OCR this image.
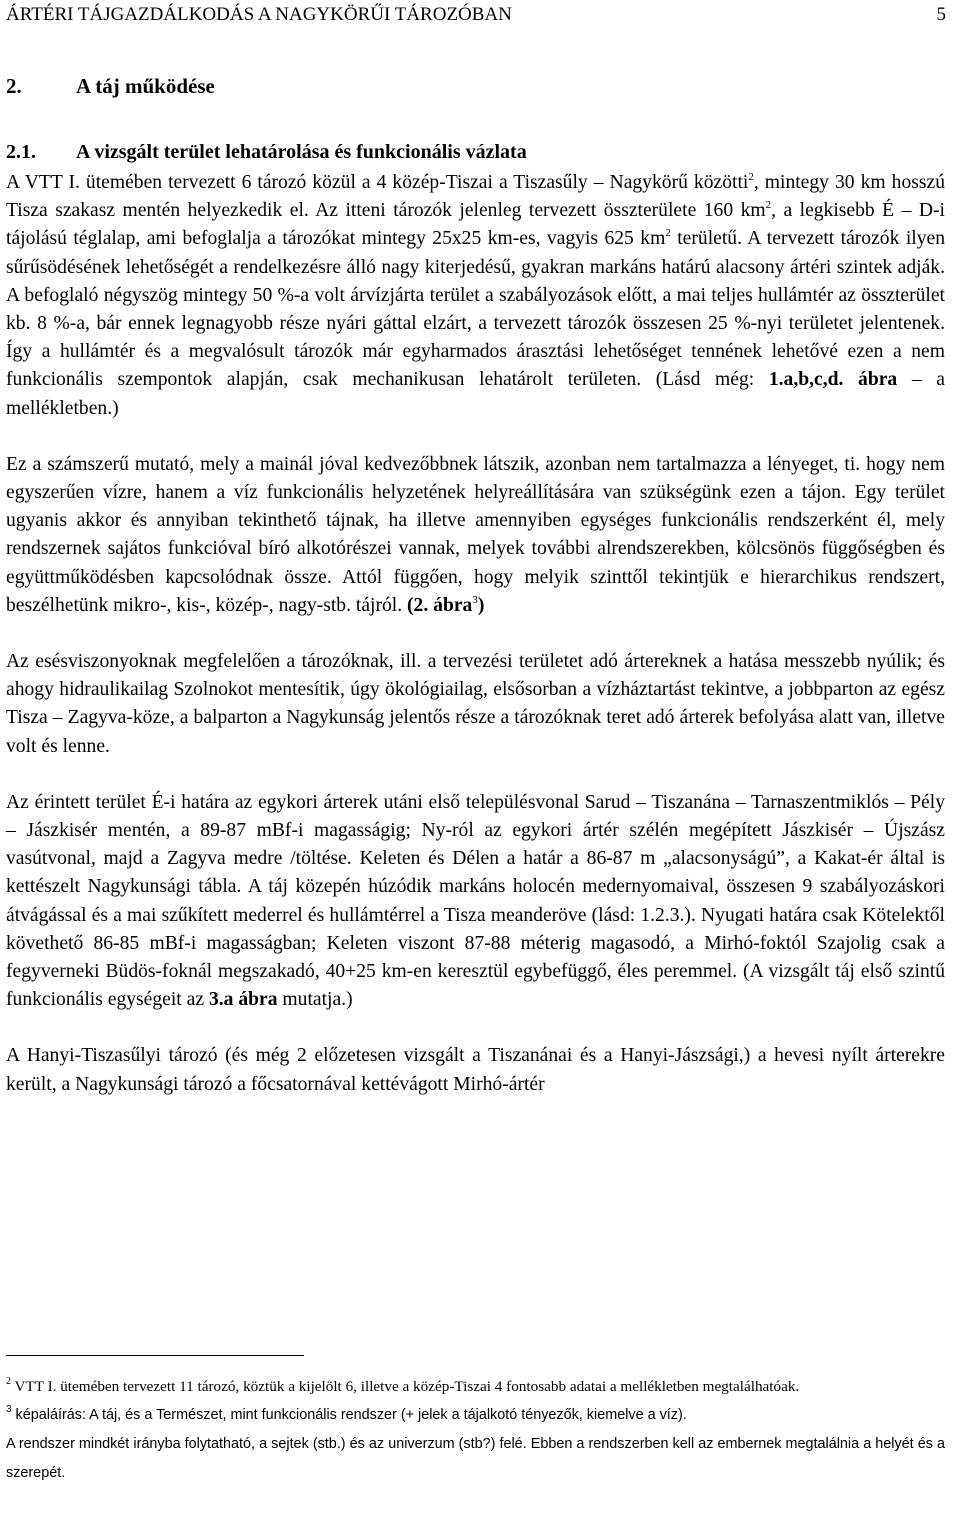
ÁRTÉRI TÁJGAZDÁLKODÁS A NAGYKÖRŰI TÁROZÓBAN	5
2.	A táj működése
2.1. A vizsgált terület lehatárolása és funkcionális vázlata

A VTT I. ütemében tervezett 6 tározó közül a 4 közép-Tiszai a Tiszasűly – Nagykörű közötti$^2$, mintegy 30 km hosszú Tisza szakasz mentén helyezkedik el. Az itteni tározók jelenleg tervezett összterülete 160 $km^2$, a legkisebb É – D-i tájolású téglalap, ami befoglalja a tározókat mintegy 25x25 km-es, vagyis 625 $km^2$ területű. A tervezett tározók ilyen sűrűsödésének lehetőségét a rendelkezésre álló nagy kiterjedésű, gyakran markáns határú alacsony ártéri szintek adják. A befoglaló négyszög mintegy 50 %-a volt árvízjárta terület a szabályozások előtt, a mai teljes hullámtér az összterület kb. 8 %-a, bár ennek legnagyobb része nyári gáttal elzárt, a tervezett tározók összesen 25 %-nyi területet jelentenek. Így a hullámtér és a megvalósult tározók már egyharmados árasztási lehetőséget tennének lehetővé ezen a nem funkcionális szempontok alapján, csak mechanikusan lehatárolt területen. (Lásd még: 1.a,b,c,d. ábra – a mellékletben.)

Ez a számszerű mutató, mely a mainál jóval kedvezőbbnek látszik, azonban nem tartalmazza a lényeget, ti. hogy nem egyszerűen vízre, hanem a víz funkcionális helyzetének helyreállítására van szükségünk ezen a tájon. Egy terület ugyanis akkor és annyiban tekinthető tájnak, ha illetve amennyiben egységes funkcionális rendszerként él, mely rendszernek sajátos funkcióval bíró alkotórészei vannak, melyek további alrendszerekben, kölcsönös függőségben és együttműködésben kapcsolódnak össze. Attól függően, hogy melyik szinttől tekintjük e hierarchikus rendszert, beszélhetünk mikro-, kis-, közép-, nagy-stb. tájról. (2. ábra$^3$)

Az esésviszonyoknak megfelelően a tározóknak, ill. a tervezési területet adó ártereknek a hatása messzebb nyúlik; és ahogy hidraulikailag Szolnokot mentesítik, úgy ökológiailag, elsősorban a vízháztartást tekintve, a jobbparton az egész Tisza – Zagyva-köze, a balparton a Nagykunság jelentős része a tározóknak teret adó árterek befolyása alatt van, illetve volt és lenne.

Az érintett terület É-i határa az egykori árterek utáni első településvonal Sarud – Tiszanána – Tarnaszentmiklós – Pély – Jászkisér mentén, a 89-87 mBf-i magasságig; Ny-ról az egykori ártér szélén megépített Jászkisér – Újszász vasútvonal, majd a Zagyva medre /töltése. Keleten és Délen a határ a 86-87 m „alacsonyságú”, a Kakat-ér által is kettészelt Nagykunsági tábla. A táj közepén húzódik markáns holocén medernyomaival, összesen 9 szabályozáskori átvágással és a mai szűkített mederrel és hullámtérrel a Tisza meanderöve (lásd: 1.2.3.). Nyugati határa csak Kötelektől követhető 86-85 mBf-i magasságban; Keleten viszont 87-88 méterig magasodó, a Mirhó-foktól Szajolig csak a fegyverneki Büdös-foknál megszakadó, 40+25 km-en keresztül egybefüggő, éles peremmel. (A vizsgált táj első szintű funkcionális egységeit az 3.a ábra mutatja.)

A Hanyi-Tiszasűlyi tározó (és még 2 előzetesen vizsgált a Tiszanánai és a Hanyi-Jászsági,) a hevesi nyílt árterekre került, a Nagykunsági tározó a főcsatornával kettévágott Mirhó-ártér

$^2$ VTT I. ütemében tervezett 11 tározó, köztük a kijelölt 6, illetve a közép-Tiszai 4 fontosabb adatai a mellékletben megtalálhatóak.

$^3$ képaláírás: A táj, és a Természet, mint funkcionális rendszer (+ jelek a tájalkotó tényezők, kiemelve a víz).

A rendszer mindkét irányba folytatható, a sejtek (stb.) és az univerzum (stb?) felé. Ebben a rendszerben kell az embernek megtalálnia a helyét és a szerepét.
